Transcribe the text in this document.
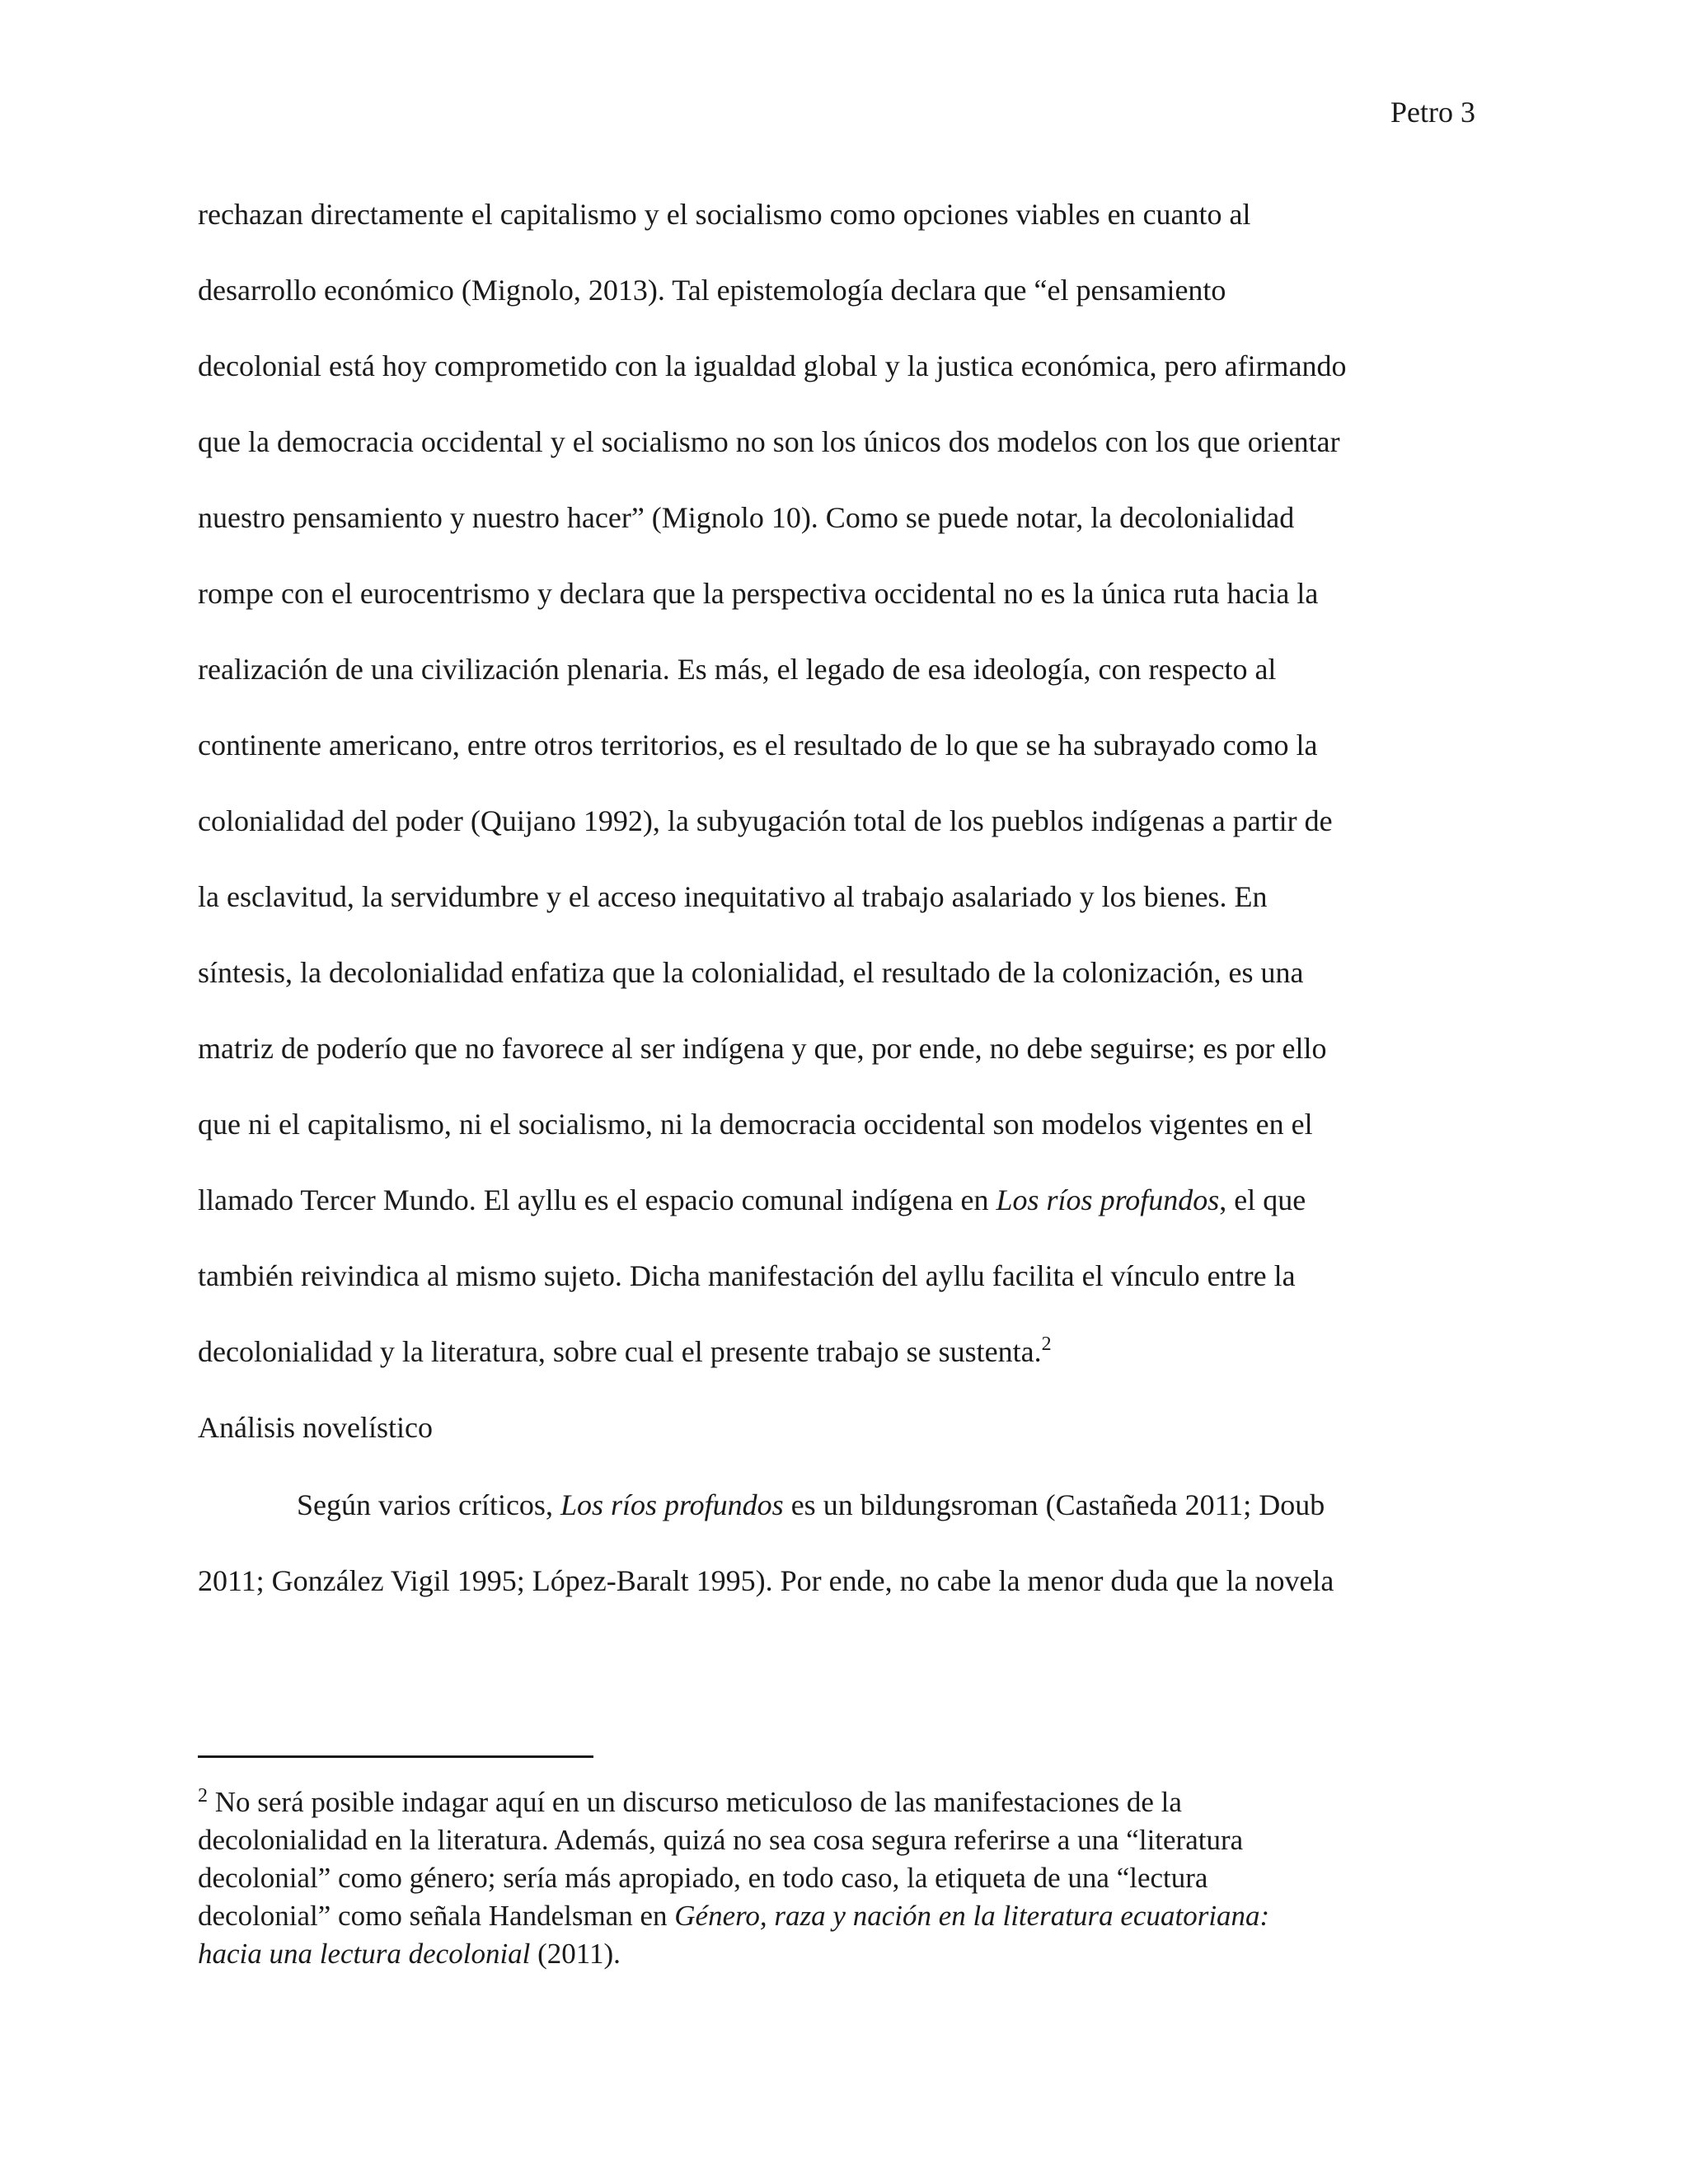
Petro 3
rechazan directamente el capitalismo y el socialismo como opciones viables en cuanto al
desarrollo económico (Mignolo, 2013). Tal epistemología declara que “el pensamiento
decolonial está hoy comprometido con la igualdad global y la justica económica, pero afirmando
que la democracia occidental y el socialismo no son los únicos dos modelos con los que orientar
nuestro pensamiento y nuestro hacer” (Mignolo 10). Como se puede notar, la decolonialidad
rompe con el eurocentrismo y declara que la perspectiva occidental no es la única ruta hacia la
realización de una civilización plenaria. Es más, el legado de esa ideología, con respecto al
continente americano, entre otros territorios, es el resultado de lo que se ha subrayado como la
colonialidad del poder (Quijano 1992), la subyugación total de los pueblos indígenas a partir de
la esclavitud, la servidumbre y el acceso inequitativo al trabajo asalariado y los bienes. En
síntesis, la decolonialidad enfatiza que la colonialidad, el resultado de la colonización, es una
matriz de poderío que no favorece al ser indígena y que, por ende, no debe seguirse; es por ello
que ni el capitalismo, ni el socialismo, ni la democracia occidental son modelos vigentes en el
llamado Tercer Mundo. El ayllu es el espacio comunal indígena en Los ríos profundos, el que
también reivindica al mismo sujeto. Dicha manifestación del ayllu facilita el vínculo entre la
decolonialidad y la literatura, sobre cual el presente trabajo se sustenta.$^2$
Análisis novelístico
Según varios críticos, Los ríos profundos es un bildungsroman (Castañeda 2011; Doub
2011; González Vigil 1995; López-Baralt 1995). Por ende, no cabe la menor duda que la novela
$^2$ No será posible indagar aquí en un discurso meticuloso de las manifestaciones de la
decolonialidad en la literatura. Además, quizá no sea cosa segura referirse a una “literatura
decolonial” como género; sería más apropiado, en todo caso, la etiqueta de una “lectura
decolonial” como señala Handelsman en Género, raza y nación en la literatura ecuatoriana:
hacia una lectura decolonial (2011).
